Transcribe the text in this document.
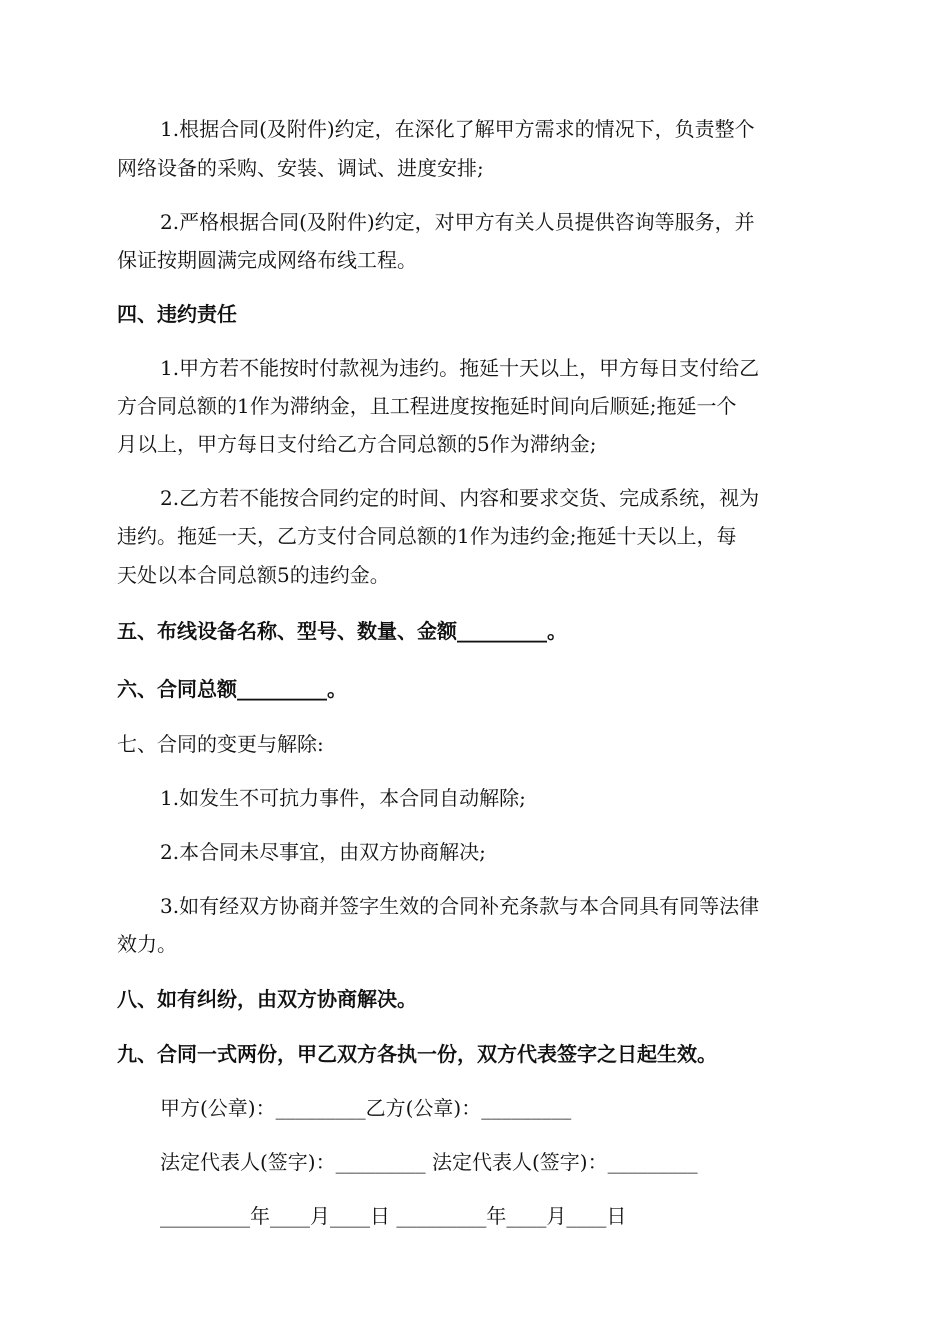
1.根据合同(及附件)约定，在深化了解甲方需求的情况下，负责整个
网络设备的采购、安装、调试、进度安排;
2.严格根据合同(及附件)约定，对甲方有关人员提供咨询等服务，并
保证按期圆满完成网络布线工程。
四、违约责任
1.甲方若不能按时付款视为违约。拖延十天以上，甲方每日支付给乙
方合同总额的1作为滞纳金，且工程进度按拖延时间向后顺延;拖延一个
月以上，甲方每日支付给乙方合同总额的5作为滞纳金;
2.乙方若不能按合同约定的时间、内容和要求交货、完成系统，视为
违约。拖延一天，乙方支付合同总额的1作为违约金;拖延十天以上，每
天处以本合同总额5的违约金。
五、布线设备名称、型号、数量、金额_________。
六、合同总额_________。
七、合同的变更与解除:
1.如发生不可抗力事件，本合同自动解除;
2.本合同未尽事宜，由双方协商解决;
3.如有经双方协商并签字生效的合同补充条款与本合同具有同等法律
效力。
八、如有纠纷，由双方协商解决。
九、合同一式两份，甲乙双方各执一份，双方代表签字之日起生效。
甲方(公章)：_________乙方(公章)：_________
法定代表人(签字)：_________ 法定代表人(签字)：_________
_________年____月____日 _________年____月____日
